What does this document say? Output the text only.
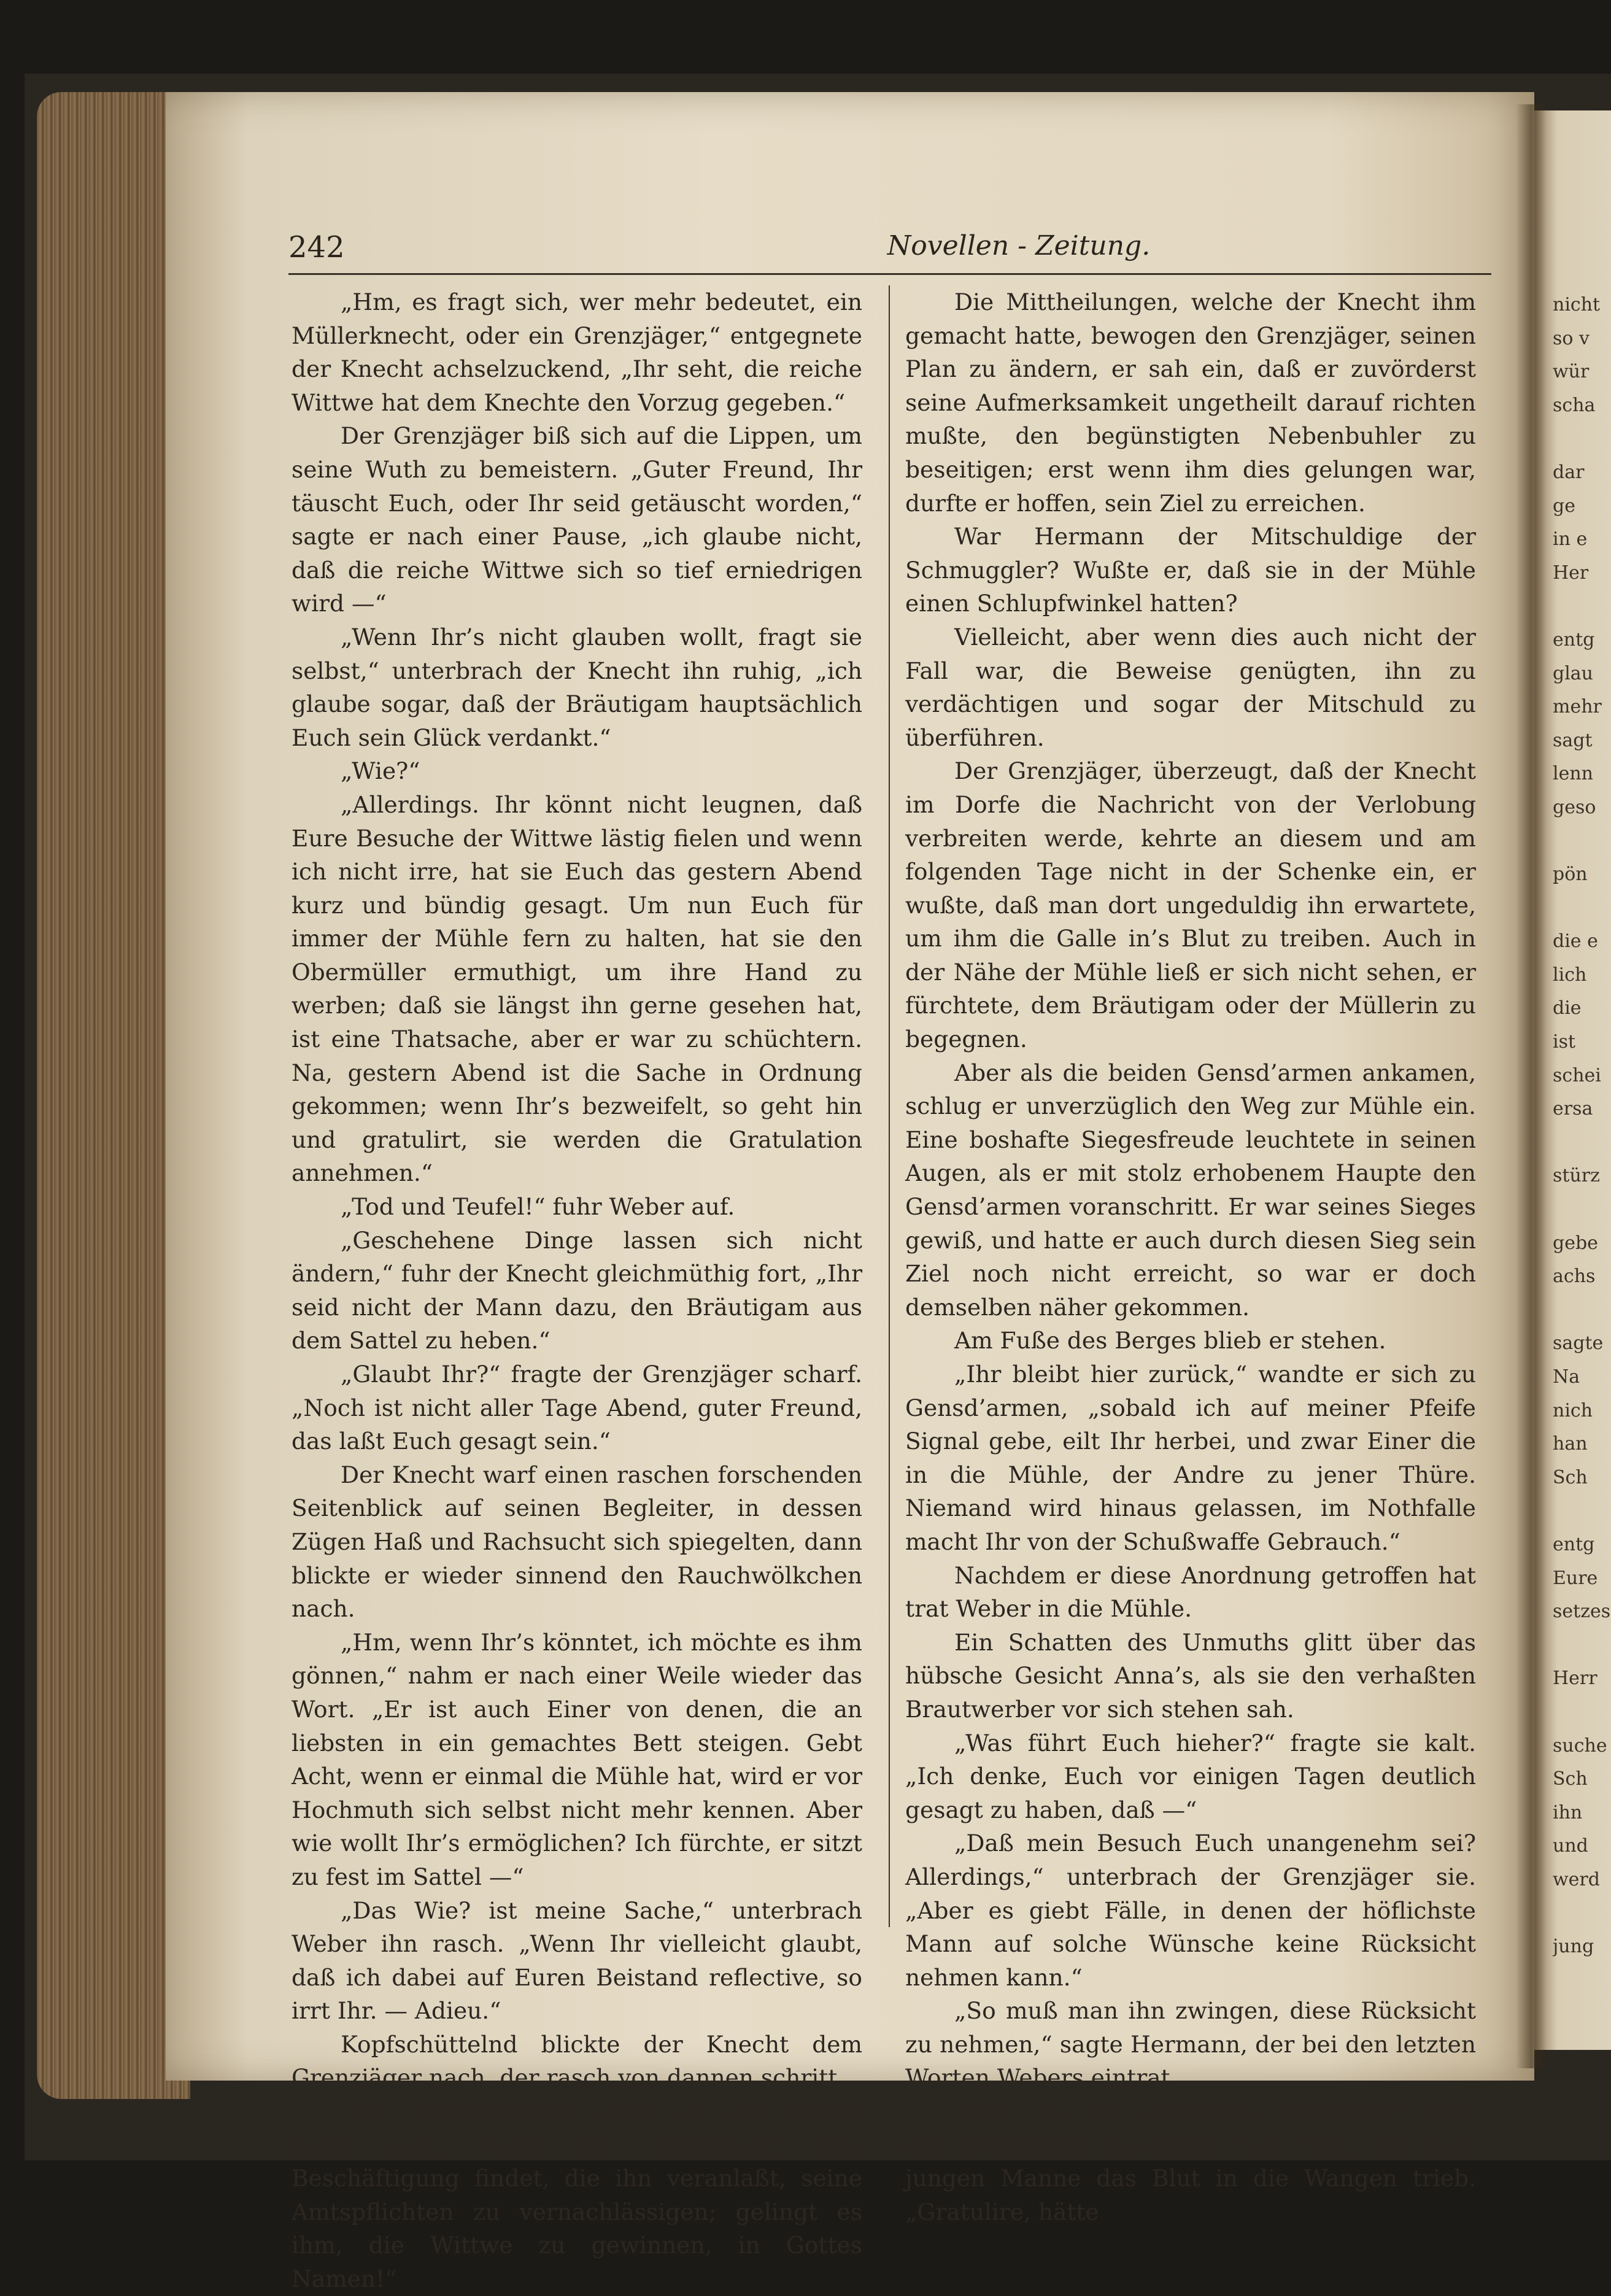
242	Novellen - Zeitung.

„Hm, es fragt sich, wer mehr bedeutet, ein Müllerknecht, oder ein Grenzjäger,“ entgegnete der Knecht achselzuckend, „Ihr seht, die reiche Wittwe hat dem Knechte den Vorzug gegeben.“

Der Grenzjäger biß sich auf die Lippen, um seine Wuth zu bemeistern. „Guter Freund, Ihr täuscht Euch, oder Ihr seid getäuscht worden,“ sagte er nach einer Pause, „ich glaube nicht, daß die reiche Wittwe sich so tief erniedrigen wird —“

„Wenn Ihr’s nicht glauben wollt, fragt sie selbst,“ unterbrach der Knecht ihn ruhig, „ich glaube sogar, daß der Bräutigam hauptsächlich Euch sein Glück verdankt.“

„Wie?“

„Allerdings. Ihr könnt nicht leugnen, daß Eure Besuche der Wittwe lästig fielen und wenn ich nicht irre, hat sie Euch das gestern Abend kurz und bündig gesagt. Um nun Euch für immer der Mühle fern zu halten, hat sie den Obermüller ermuthigt, um ihre Hand zu werben; daß sie längst ihn gerne gesehen hat, ist eine Thatsache, aber er war zu schüchtern. Na, gestern Abend ist die Sache in Ordnung gekommen; wenn Ihr’s bezweifelt, so geht hin und gratulirt, sie werden die Gratulation annehmen.“

„Tod und Teufel!“ fuhr Weber auf.

„Geschehene Dinge lassen sich nicht ändern,“ fuhr der Knecht gleichmüthig fort, „Ihr seid nicht der Mann dazu, den Bräutigam aus dem Sattel zu heben.“

„Glaubt Ihr?“ fragte der Grenzjäger scharf. „Noch ist nicht aller Tage Abend, guter Freund, das laßt Euch gesagt sein.“

Der Knecht warf einen raschen forschenden Seitenblick auf seinen Begleiter, in dessen Zügen Haß und Rachsucht sich spiegelten, dann blickte er wieder sinnend den Rauchwölkchen nach.

„Hm, wenn Ihr’s könntet, ich möchte es ihm gönnen,“ nahm er nach einer Weile wieder das Wort. „Er ist auch Einer von denen, die an liebsten in ein gemachtes Bett steigen. Gebt Acht, wenn er einmal die Mühle hat, wird er vor Hochmuth sich selbst nicht mehr kennen. Aber wie wollt Ihr’s ermöglichen? Ich fürchte, er sitzt zu fest im Sattel —“

„Das Wie? ist meine Sache,“ unterbrach Weber ihn rasch. „Wenn Ihr vielleicht glaubt, daß ich dabei auf Euren Beistand reflective, so irrt Ihr. — Adieu.“

Kopfschüttelnd blickte der Knecht dem Grenzjäger nach, der rasch von dannen schritt.

„Na, meinetwegen!“ sagte er. „Mir kann’s recht sein, wenn der Grenzjäger eine Beschäftigung findet, die ihn veranlaßt, seine Amtspflichten zu vernachlässigen; gelingt es ihm, die Wittwe zu gewinnen, in Gottes Namen!“

Die Mittheilungen, welche der Knecht ihm gemacht hatte, bewogen den Grenzjäger, seinen Plan zu ändern, er sah ein, daß er zuvörderst seine Aufmerksamkeit ungetheilt darauf richten mußte, den begünstigten Nebenbuhler zu beseitigen; erst wenn ihm dies gelungen war, durfte er hoffen, sein Ziel zu erreichen.

War Hermann der Mitschuldige der Schmuggler? Wußte er, daß sie in der Mühle einen Schlupfwinkel hatten?

Vielleicht, aber wenn dies auch nicht der Fall war, die Beweise genügten, ihn zu verdächtigen und sogar der Mitschuld zu überführen.

Der Grenzjäger, überzeugt, daß der Knecht im Dorfe die Nachricht von der Verlobung verbreiten werde, kehrte an diesem und am folgenden Tage nicht in der Schenke ein, er wußte, daß man dort ungeduldig ihn erwartete, um ihm die Galle in’s Blut zu treiben. Auch in der Nähe der Mühle ließ er sich nicht sehen, er fürchtete, dem Bräutigam oder der Müllerin zu begegnen.

Aber als die beiden Gensd’armen ankamen, schlug er unverzüglich den Weg zur Mühle ein. Eine boshafte Siegesfreude leuchtete in seinen Augen, als er mit stolz erhobenem Haupte den Gensd’armen voranschritt. Er war seines Sieges gewiß, und hatte er auch durch diesen Sieg sein Ziel noch nicht erreicht, so war er doch demselben näher gekommen.

Am Fuße des Berges blieb er stehen.

„Ihr bleibt hier zurück,“ wandte er sich zu Gensd’armen, „sobald ich auf meiner Pfeife Signal gebe, eilt Ihr herbei, und zwar Einer die in die Mühle, der Andre zu jener Thüre. Niemand wird hinaus gelassen, im Nothfalle macht Ihr von der Schußwaffe Gebrauch.“

Nachdem er diese Anordnung getroffen hat trat Weber in die Mühle.

Ein Schatten des Unmuths glitt über das hübsche Gesicht Anna’s, als sie den verhaßten Brautwerber vor sich stehen sah.

„Was führt Euch hieher?“ fragte sie kalt. „Ich denke, Euch vor einigen Tagen deutlich gesagt zu haben, daß —“

„Daß mein Besuch Euch unangenehm sei? Allerdings,“ unterbrach der Grenzjäger sie. „Aber es giebt Fälle, in denen der höflichste Mann auf solche Wünsche keine Rücksicht nehmen kann.“

„So muß man ihn zwingen, diese Rücksicht zu nehmen,“ sagte Hermann, der bei den letzten Worten Webers eintrat.

„Sieh da, der glückliche Bäutigam!“ fuhr der Grenzjäger in einem Tone fort, der dem jungen Manne das Blut in die Wangen trieb. „Gratulire, hätte

nicht
so v
wür
scha
dar
ge
in e
Her
entg
glau
mehr
sagt
lenn
geso
pön
die e
lich
die
ist
schei
ersa
stürz
gebe
achs
sagte
Na
nich
han
Sch
entg
Eure
setzes
Herr
suche
Sch
ihn
und
werd
jung
